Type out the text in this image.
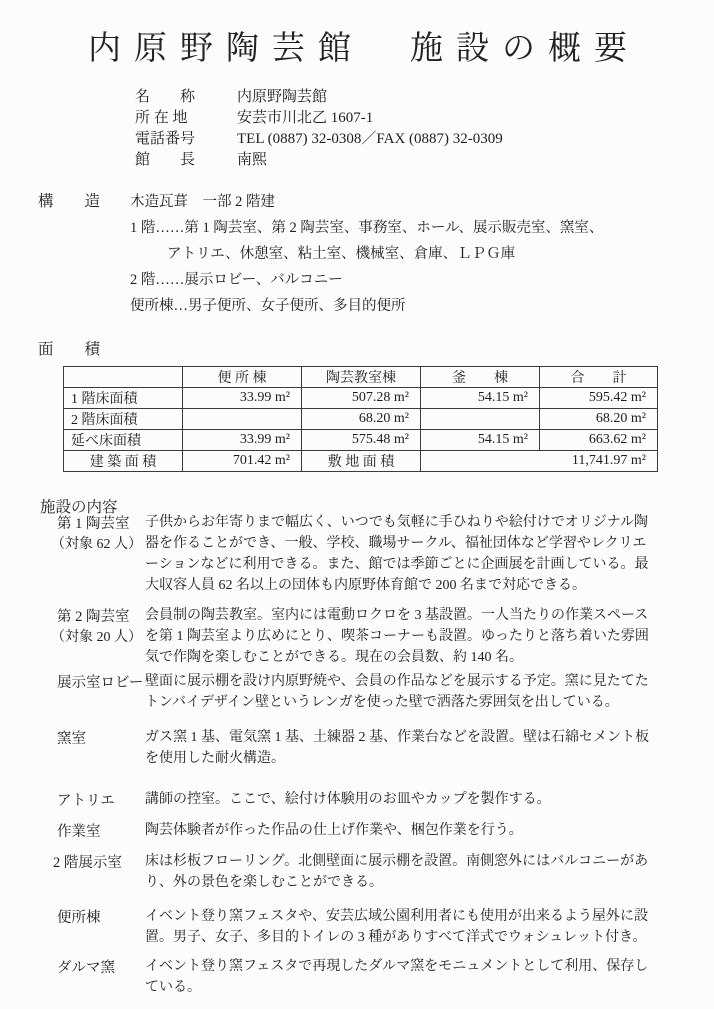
内原野陶芸館　施設の概要
名　　称	内原野陶芸館
所 在 地	安芸市川北乙 1607-1
電話番号	TEL (0887) 32-0308／FAX (0887) 32-0309
館　　長	南熙
構　　造 木造瓦葺　一部 2 階建
1 階……第 1 陶芸室、第 2 陶芸室、事務室、ホール、展示販売室、窯室、
アトリエ、休憩室、粘土室、機械室、倉庫、ＬＰＧ庫
2 階……展示ロビー、バルコニー
便所棟…男子便所、女子便所、多目的便所
面　　積
	便 所 棟	陶芸教室棟	釜　　棟	合　　計
1 階床面積	33.99 m²	507.28 m²	54.15 m²	595.42 m²
2 階床面積		68.20 m²		68.20 m²
延べ床面積	33.99 m²	575.48 m²	54.15 m²	663.62 m²
建 築 面 積	701.42 m²	敷 地 面 積	11,741.97 m²	
施設の内容
第 1 陶芸室
（対象 62 人）
子供からお年寄りまで幅広く、いつでも気軽に手ひねりや絵付けでオリジナル陶
器を作ることができ、一般、学校、職場サークル、福祉団体など学習やレクリエ
ーションなどに利用できる。また、館では季節ごとに企画展を計画している。最
大収容人員 62 名以上の団体も内原野体育館で 200 名まで対応できる。
第 2 陶芸室
（対象 20 人）
会員制の陶芸教室。室内には電動ロクロを 3 基設置。一人当たりの作業スペース
を第 1 陶芸室より広めにとり、喫茶コーナーも設置。ゆったりと落ち着いた雰囲
気で作陶を楽しむことができる。現在の会員数、約 140 名。
展示室ロビー 壁面に展示棚を設け内原野焼や、会員の作品などを展示する予定。窯に見たてた
トンバイデザイン壁というレンガを使った壁で洒落た雰囲気を出している。
窯室	ガス窯 1 基、電気窯 1 基、土練器 2 基、作業台などを設置。壁は石綿セメント板
を使用した耐火構造。
アトリエ 講師の控室。ここで、絵付け体験用のお皿やカップを製作する。
作業室	陶芸体験者が作った作品の仕上げ作業や、梱包作業を行う。
2 階展示室 床は杉板フローリング。北側壁面に展示棚を設置。南側窓外にはバルコニーがあ
り、外の景色を楽しむことができる。
便所棟	イベント登り窯フェスタや、安芸広域公園利用者にも使用が出来るよう屋外に設
置。男子、女子、多目的トイレの 3 種がありすべて洋式でウォシュレット付き。
ダルマ窯 イベント登り窯フェスタで再現したダルマ窯をモニュメントとして利用、保存し
ている。
